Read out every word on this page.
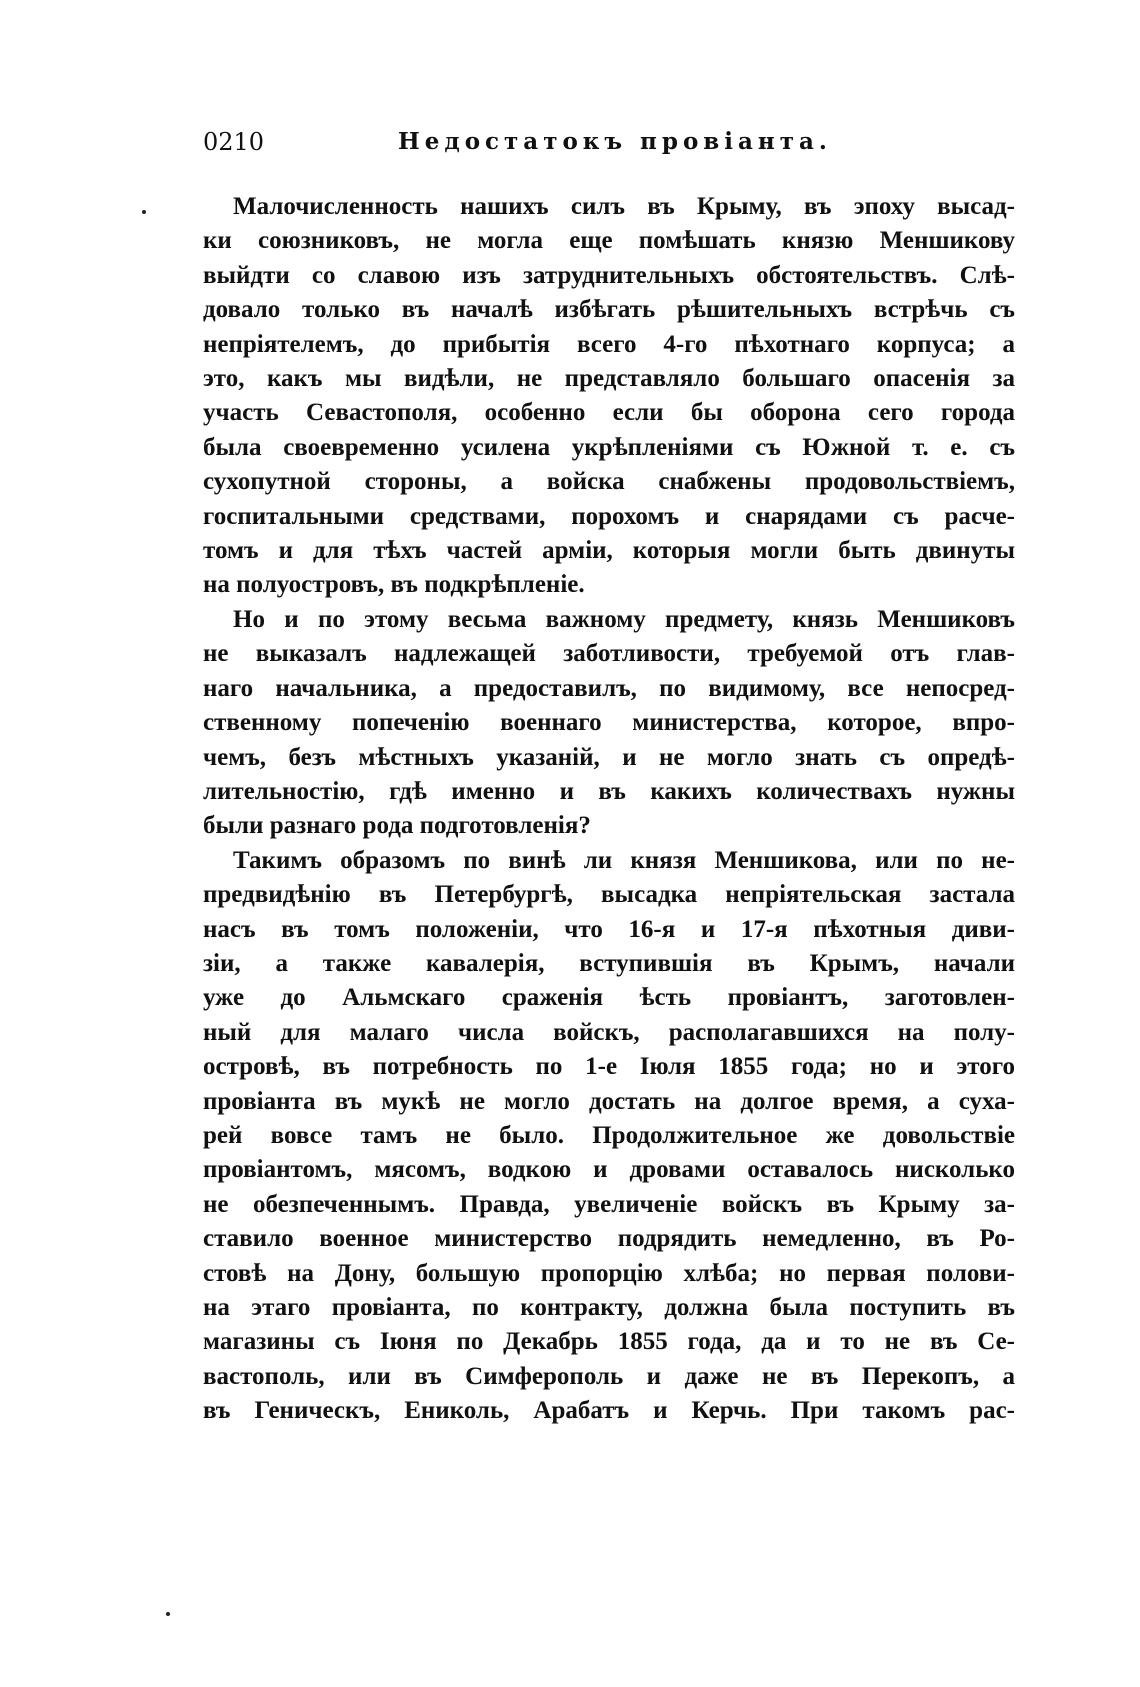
0210	Недостатокъ провіанта.

Малочисленность нашихъ силъ въ Крыму, въ эпоху высад-
ки союзниковъ, не могла еще помѣшать князю Меншикову
выйдти со славою изъ затруднительныхъ обстоятельствъ. Слѣ-
довало только въ началѣ избѣгать рѣшительныхъ встрѣчь съ
непріятелемъ, до прибытія всего 4-го пѣхотнаго корпуса; а
это, какъ мы видѣли, не представляло большаго опасенія за
участь Севастополя, особенно если бы оборона сего города
была своевременно усилена укрѣпленіями съ Южной т. е. съ
сухопутной стороны, а войска снабжены продовольствіемъ,
госпитальными средствами, порохомъ и снарядами съ расче-
томъ и для тѣхъ частей арміи, которыя могли быть двинуты
на полуостровъ, въ подкрѣпленіе.

Но и по этому весьма важному предмету, князь Меншиковъ
не выказалъ надлежащей заботливости, требуемой отъ глав-
наго начальника, а предоставилъ, по видимому, все непосред-
ственному попеченію военнаго министерства, которое, впро-
чемъ, безъ мѣстныхъ указаній, и не могло знать съ опредѣ-
лительностію, гдѣ именно и въ какихъ количествахъ нужны
были разнаго рода подготовленія?

Такимъ образомъ по винѣ ли князя Меншикова, или по не-
предвидѣнію въ Петербургѣ, высадка непріятельская застала
насъ въ томъ положеніи, что 16-я и 17-я пѣхотныя диви-
зіи, а также кавалерія, вступившія въ Крымъ, начали
уже до Альмскаго сраженія ѣсть провіантъ, заготовлен-
ный для малаго числа войскъ, располагавшихся на полу-
островѣ, въ потребность по 1-е Іюля 1855 года; но и этого
провіанта въ мукѣ не могло достать на долгое время, а суха-
рей вовсе тамъ не было. Продолжительное же довольствіе
провіантомъ, мясомъ, водкою и дровами оставалось нисколько
не обезпеченнымъ. Правда, увеличеніе войскъ въ Крыму за-
ставило военное министерство подрядить немедленно, въ Ро-
стовѣ на Дону, большую пропорцію хлѣба; но первая полови-
на этаго провіанта, по контракту, должна была поступить въ
магазины съ Іюня по Декабрь 1855 года, да и то не въ Се-
вастополь, или въ Симферополь и даже не въ Перекопъ, а
въ Геническъ, Ениколь, Арабатъ и Керчь. При такомъ рас-
